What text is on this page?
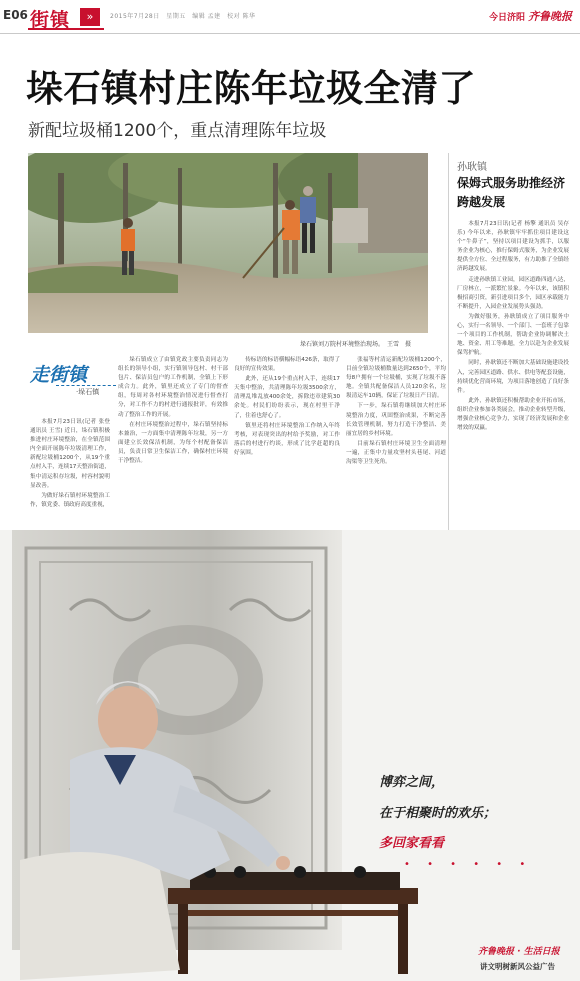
E06 街镇	»	2015年7月28日　星期五　编辑 孟建　校对 陈华	今日济阳 齐鲁晚报
垛石镇村庄陈年垃圾全清了
新配垃圾桶1200个，重点清理陈年垃圾
垛石镇刘万院村环境整治现场。　王雪　摄
孙耿镇
保姆式服务助推经济跨越发展

本报7月23日讯(记者 杨擎 通讯员 吴存乐) 今年以来，孙耿镇牢牢抓住项目建设这个“牛鼻子”，坚持以项目建设为抓手，以服务企业为核心，推行保姆式服务，为企业发展提供全方位、全过程服务，有力助推了全镇经济跨越发展。

走进孙耿镇工业园，园区道路四通八达，厂房林立，一派繁忙景象。今年以来，该镇积极招商引资，新引进项目多个，园区承载能力不断提升，入园企业发展势头强劲。

为做好服务，孙耿镇成立了项目服务中心，实行一名领导、一个部门、一套班子包靠一个项目的工作机制，帮助企业协调解决土地、资金、用工等难题，全力以赴为企业发展保驾护航。

同时，孙耿镇还不断加大基础设施建设投入，完善园区道路、供水、供电等配套设施，持续优化营商环境，为项目落地创造了良好条件。

此外，孙耿镇还积极帮助企业开拓市场，组织企业参加各类展会，推动企业转型升级，增强企业核心竞争力，实现了经济发展和企业增效的双赢。

走街镇
·垛石镇

本报7月23日讯(记者 张登 通讯员 王雪) 近日，垛石镇积极推进村庄环境整治，在全镇范围内全面开展陈年垃圾清理工作，新配垃圾桶1200个，从19个重点村入手，连续17天整治街道，集中清运积存垃圾，村容村貌明显改善。

为做好垛石镇村环境整治工作，镇党委、镇政府高度重视，

垛石镇成立了由镇党政主要负责同志为组长的领导小组，实行镇领导包村、村干部包片、保洁员包户的工作机制，全镇上下形成合力。此外，镇里还成立了专门的督查组，每周对各村环境整治情况进行督查打分，对工作不力的村进行通报批评，有效推动了整治工作的开展。

在村庄环境整治过程中，垛石镇坚持标本兼治，一方面集中清理陈年垃圾，另一方面建立长效保洁机制，为每个村配备保洁员，负责日常卫生保洁工作，确保村庄环境干净整洁。

传标语的标语横幅标语426条，取得了良好的宣传效果。

此外，还从19个重点村入手，连续17天集中整治，共清理陈年垃圾3500余方，清理乱堆乱放400余处，拆除违章建筑30余处。村民们纷纷表示，现在村里干净了，住着也舒心了。

镇里还将村庄环境整治工作纳入年终考核，对表现突出的村给予奖励，对工作落后的村进行约谈，形成了比学赶超的良好氛围。

张福等村清运新配垃圾桶1200个，目前全镇垃圾桶数量达到2650个，平均每8户拥有一个垃圾桶，实现了垃圾不落地。全镇共配备保洁人员120余名，垃圾清运车10辆，保证了垃圾日产日清。

下一步，垛石镇将继续加大村庄环境整治力度，巩固整治成果，不断完善长效管理机制，努力打造干净整洁、美丽宜居的乡村环境。

目前垛石镇村庄环境卫生全面清理一遍，正集中力量攻坚村头巷尾、河道沟渠等卫生死角。

博弈之间，
在于相聚时的欢乐；
多回家看看
• • • • • •
齐鲁晚报 · 生活日报
讲文明树新风公益广告
